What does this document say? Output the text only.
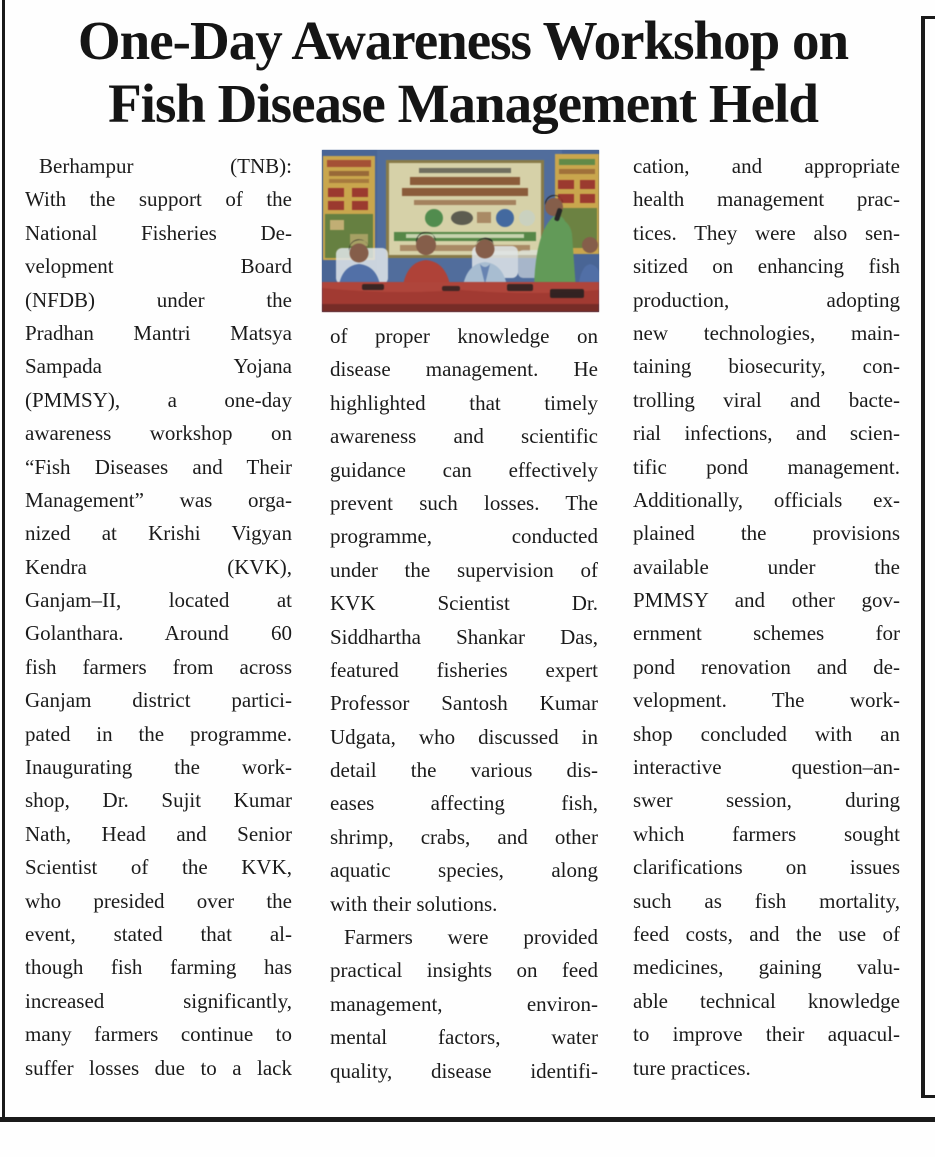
One-Day Awareness Workshop on
Fish Disease Management Held
Berhampur (TNB):
With the support of the
National Fisheries De-
velopment Board
(NFDB) under the
Pradhan Mantri Matsya
Sampada Yojana
(PMMSY), a one-day
awareness workshop on
“Fish Diseases and Their
Management” was orga-
nized at Krishi Vigyan
Kendra (KVK),
Ganjam–II, located at
Golanthara. Around 60
fish farmers from across
Ganjam district partici-
pated in the programme.
Inaugurating the work-
shop, Dr. Sujit Kumar
Nath, Head and Senior
Scientist of the KVK,
who presided over the
event, stated that al-
though fish farming has
increased significantly,
many farmers continue to
suffer losses due to a lack
of proper knowledge on
disease management. He
highlighted that timely
awareness and scientific
guidance can effectively
prevent such losses. The
programme, conducted
under the supervision of
KVK Scientist Dr.
Siddhartha Shankar Das,
featured fisheries expert
Professor Santosh Kumar
Udgata, who discussed in
detail the various dis-
eases affecting fish,
shrimp, crabs, and other
aquatic species, along
with their solutions.
Farmers were provided
practical insights on feed
management, environ-
mental factors, water
quality, disease identifi-
cation, and appropriate
health management prac-
tices. They were also sen-
sitized on enhancing fish
production, adopting
new technologies, main-
taining biosecurity, con-
trolling viral and bacte-
rial infections, and scien-
tific pond management.
Additionally, officials ex-
plained the provisions
available under the
PMMSY and other gov-
ernment schemes for
pond renovation and de-
velopment. The work-
shop concluded with an
interactive question–an-
swer session, during
which farmers sought
clarifications on issues
such as fish mortality,
feed costs, and the use of
medicines, gaining valu-
able technical knowledge
to improve their aquacul-
ture practices.
